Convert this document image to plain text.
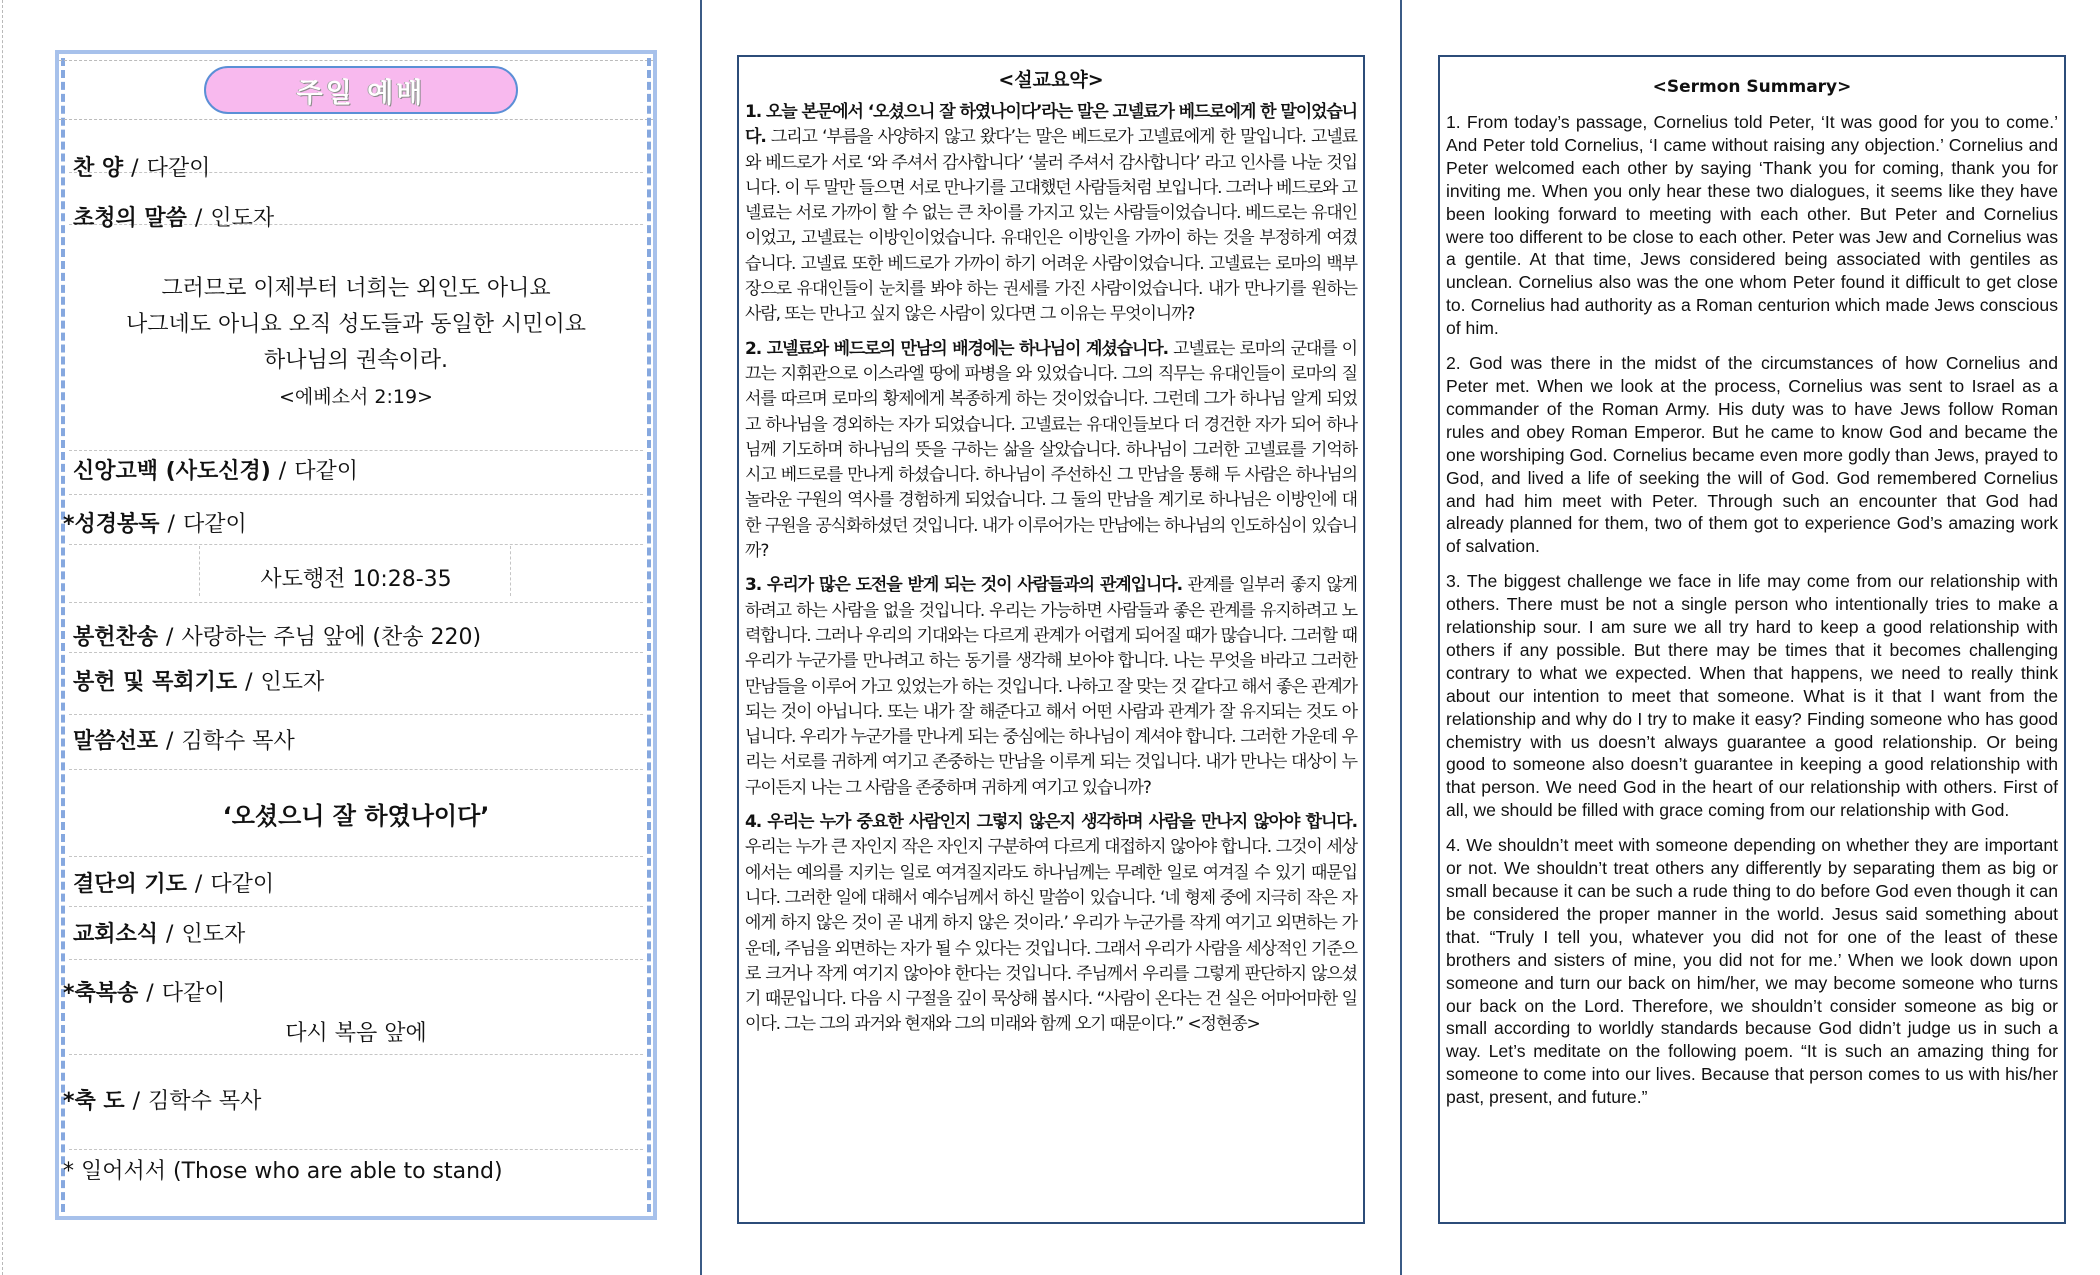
주일 예배
찬 양 / 다같이
초청의 말씀 / 인도자
그러므로 이제부터 너희는 외인도 아니요
나그네도 아니요 오직 성도들과 동일한 시민이요
하나님의 권속이라.
<에베소서 2:19>
신앙고백 (사도신경) / 다같이
*성경봉독 / 다같이
사도행전 10:28-35
봉헌찬송 / 사랑하는 주님 앞에 (찬송 220)
봉헌 및 목회기도 / 인도자
말씀선포 / 김학수 목사
‘오셨으니 잘 하였나이다’
결단의 기도 / 다같이
교회소식 / 인도자
*축복송 / 다같이
다시 복음 앞에
*축 도 / 김학수 목사
* 일어서서 (Those who are able to stand)
<설교요약>

1. 오늘 본문에서 ‘오셨으니 잘 하였나이다’라는 말은 고넬료가 베드로에게 한 말이었습니다. 그리고 ‘부름을 사양하지 않고 왔다’는 말은 베드로가 고넬료에게 한 말입니다. 고넬료와 베드로가 서로 ‘와 주셔서 감사합니다’ ‘불러 주셔서 감사합니다’ 라고 인사를 나눈 것입니다. 이 두 말만 들으면 서로 만나기를 고대했던 사람들처럼 보입니다. 그러나 베드로와 고넬료는 서로 가까이 할 수 없는 큰 차이를 가지고 있는 사람들이었습니다. 베드로는 유대인이었고, 고넬료는 이방인이었습니다. 유대인은 이방인을 가까이 하는 것을 부정하게 여겼습니다. 고넬료 또한 베드로가 가까이 하기 어려운 사람이었습니다. 고넬료는 로마의 백부장으로 유대인들이 눈치를 봐야 하는 권세를 가진 사람이었습니다. 내가 만나기를 원하는 사람, 또는 만나고 싶지 않은 사람이 있다면 그 이유는 무엇이니까?

2. 고넬료와 베드로의 만남의 배경에는 하나님이 계셨습니다. 고넬료는 로마의 군대를 이끄는 지휘관으로 이스라엘 땅에 파병을 와 있었습니다. 그의 직무는 유대인들이 로마의 질서를 따르며 로마의 황제에게 복종하게 하는 것이었습니다. 그런데 그가 하나님 알게 되었고 하나님을 경외하는 자가 되었습니다. 고넬료는 유대인들보다 더 경건한 자가 되어 하나님께 기도하며 하나님의 뜻을 구하는 삶을 살았습니다. 하나님이 그러한 고넬료를 기억하시고 베드로를 만나게 하셨습니다. 하나님이 주선하신 그 만남을 통해 두 사람은 하나님의 놀라운 구원의 역사를 경험하게 되었습니다. 그 둘의 만남을 계기로 하나님은 이방인에 대한 구원을 공식화하셨던 것입니다. 내가 이루어가는 만남에는 하나님의 인도하심이 있습니까?

3. 우리가 많은 도전을 받게 되는 것이 사람들과의 관계입니다. 관계를 일부러 좋지 않게 하려고 하는 사람을 없을 것입니다. 우리는 가능하면 사람들과 좋은 관계를 유지하려고 노력합니다. 그러나 우리의 기대와는 다르게 관계가 어렵게 되어질 때가 많습니다. 그러할 때 우리가 누군가를 만나려고 하는 동기를 생각해 보아야 합니다. 나는 무엇을 바라고 그러한 만남들을 이루어 가고 있었는가 하는 것입니다. 나하고 잘 맞는 것 같다고 해서 좋은 관계가 되는 것이 아닙니다. 또는 내가 잘 해준다고 해서 어떤 사람과 관계가 잘 유지되는 것도 아닙니다. 우리가 누군가를 만나게 되는 중심에는 하나님이 계셔야 합니다. 그러한 가운데 우리는 서로를 귀하게 여기고 존중하는 만남을 이루게 되는 것입니다. 내가 만나는 대상이 누구이든지 나는 그 사람을 존중하며 귀하게 여기고 있습니까?

4. 우리는 누가 중요한 사람인지 그렇지 않은지 생각하며 사람을 만나지 않아야 합니다. 우리는 누가 큰 자인지 작은 자인지 구분하여 다르게 대접하지 않아야 합니다. 그것이 세상에서는 예의를 지키는 일로 여겨질지라도 하나님께는 무례한 일로 여겨질 수 있기 때문입니다. 그러한 일에 대해서 예수님께서 하신 말씀이 있습니다. ‘네 형제 중에 지극히 작은 자에게 하지 않은 것이 곧 내게 하지 않은 것이라.’ 우리가 누군가를 작게 여기고 외면하는 가운데, 주님을 외면하는 자가 될 수 있다는 것입니다. 그래서 우리가 사람을 세상적인 기준으로 크거나 작게 여기지 않아야 한다는 것입니다. 주님께서 우리를 그렇게 판단하지 않으셨기 때문입니다. 다음 시 구절을 깊이 묵상해 봅시다. “사람이 온다는 건 실은 어마어마한 일이다. 그는 그의 과거와 현재와 그의 미래와 함께 오기 때문이다.” <정현종>

<Sermon Summary>

1. From today’s passage, Cornelius told Peter, ‘It was good for you to come.’ And Peter told Cornelius, ‘I came without raising any objection.’ Cornelius and Peter welcomed each other by saying ‘Thank you for coming, thank you for inviting me. When you only hear these two dialogues, it seems like they have been looking forward to meeting with each other. But Peter and Cornelius were too different to be close to each other. Peter was Jew and Cornelius was a gentile. At that time, Jews considered being associated with gentiles as unclean. Cornelius also was the one whom Peter found it difficult to get close to. Cornelius had authority as a Roman centurion which made Jews conscious of him.

2. God was there in the midst of the circumstances of how Cornelius and Peter met. When we look at the process, Cornelius was sent to Israel as a commander of the Roman Army. His duty was to have Jews follow Roman rules and obey Roman Emperor. But he came to know God and became the one worshiping God. Cornelius became even more godly than Jews, prayed to God, and lived a life of seeking the will of God. God remembered Cornelius and had him meet with Peter. Through such an encounter that God had already planned for them, two of them got to experience God’s amazing work of salvation.

3. The biggest challenge we face in life may come from our relationship with others. There must be not a single person who intentionally tries to make a relationship sour. I am sure we all try hard to keep a good relationship with others if any possible. But there may be times that it becomes challenging contrary to what we expected. When that happens, we need to really think about our intention to meet that someone. What is it that I want from the relationship and why do I try to make it easy? Finding someone who has good chemistry with us doesn’t always guarantee a good relationship. Or being good to someone also doesn’t guarantee in keeping a good relationship with that person. We need God in the heart of our relationship with others. First of all, we should be filled with grace coming from our relationship with God.

4. We shouldn’t meet with someone depending on whether they are important or not. We shouldn’t treat others any differently by separating them as big or small because it can be such a rude thing to do before God even though it can be considered the proper manner in the world. Jesus said something about that. “Truly I tell you, whatever you did not for one of the least of these brothers and sisters of mine, you did not for me.’ When we look down upon someone and turn our back on him/her, we may become someone who turns our back on the Lord. Therefore, we shouldn’t consider someone as big or small according to worldly standards because God didn’t judge us in such a way. Let’s meditate on the following poem. “It is such an amazing thing for someone to come into our lives. Because that person comes to us with his/her past, present, and future.”
